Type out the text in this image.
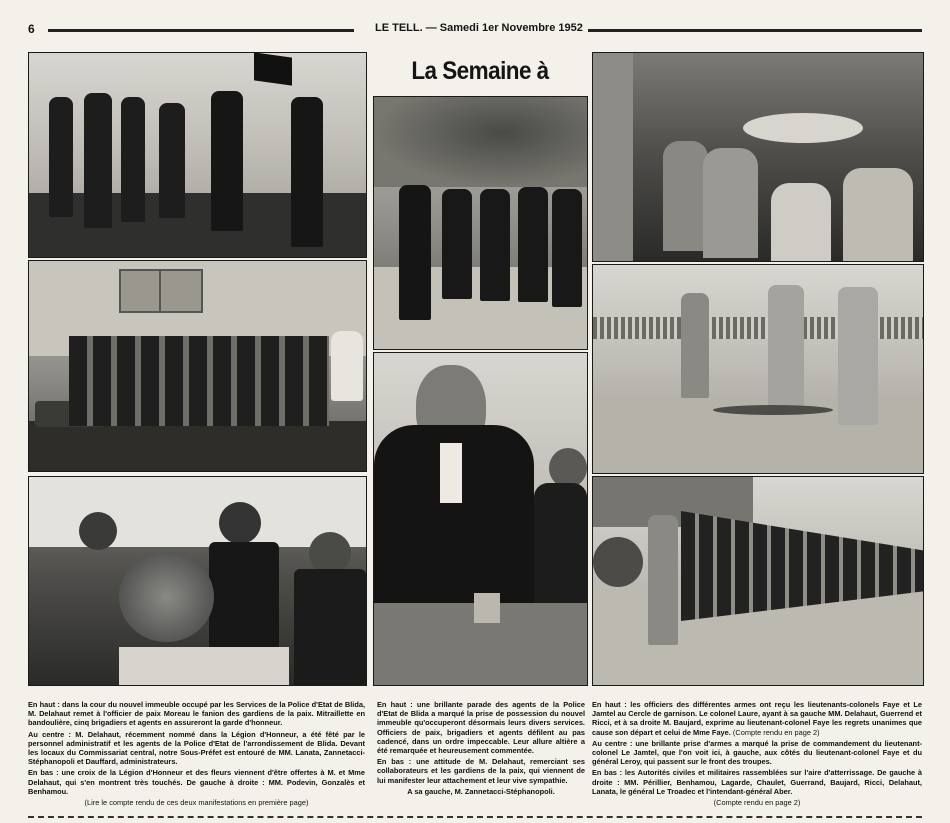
6	LE TELL. — Samedi 1er Novembre 1952
La Semaine à

En haut : dans la cour du nouvel immeuble occupé par les Services de la Police d'Etat de Blida, M. Delahaut remet à l'officier de paix Moreau le fanion des gardiens de la paix. Mitraillette en bandoulière, cinq brigadiers et agents en assureront la garde d'honneur.

Au centre : M. Delahaut, récemment nommé dans la Légion d'Honneur, a été fêté par le personnel administratif et les agents de la Police d'Etat de l'arrondissement de Blida. Devant les locaux du Commissariat central, notre Sous-Préfet est entouré de MM. Lanata, Zannetacci-Stéphanopoli et Dauffard, administrateurs.

En bas : une croix de la Légion d'Honneur et des fleurs viennent d'être offertes à M. et Mme Delahaut, qui s'en montrent très touchés. De gauche à droite : MM. Podevin, Gonzalès et Benhamou.

(Lire le compte rendu de ces deux manifestations en première page)

En haut : une brillante parade des agents de la Police d'Etat de Blida a marqué la prise de possession du nouvel immeuble qu'occuperont désormais leurs divers services. Officiers de paix, brigadiers et agents défilent au pas cadencé, dans un ordre impeccable. Leur allure altière a été remarquée et heureusement commentée.

En bas : une attitude de M. Delahaut, remerciant ses collaborateurs et les gardiens de la paix, qui viennent de lui manifester leur attachement et leur vive sympathie.

A sa gauche, M. Zannetacci-Stéphanopoli.

En haut : les officiers des différentes armes ont reçu les lieutenants-colonels Faye et Le Jamtel au Cercle de garnison. Le colonel Laure, ayant à sa gauche MM. Delahaut, Guerrend et Ricci, et à sa droite M. Baujard, exprime au lieutenant-colonel Faye les regrets unanimes que cause son départ et celui de Mme Faye. (Compte rendu en page 2)

Au centre : une brillante prise d'armes a marqué la prise de commandement du lieutenant-colonel Le Jamtel, que l'on voit ici, à gauche, aux côtés du lieutenant-colonel Faye et du général Leroy, qui passent sur le front des troupes.

En bas : les Autorités civiles et militaires rassemblées sur l'aire d'atterrissage. De gauche à droite : MM. Périllier, Benhamou, Lagarde, Chaulet, Guerrand, Baujard, Ricci, Delahaut, Lanata, le général Le Troadec et l'intendant-général Aber.

(Compte rendu en page 2)
